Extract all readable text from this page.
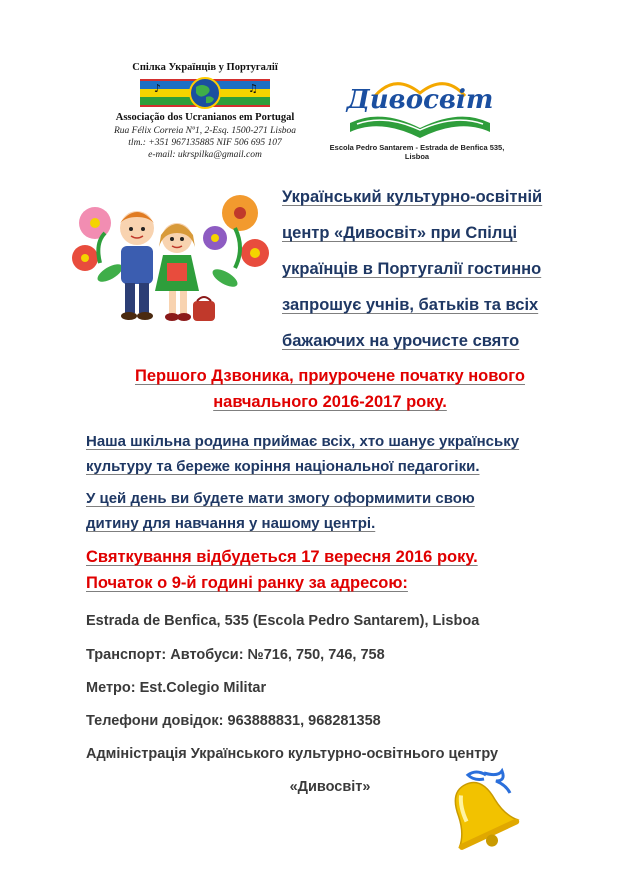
Спілка Українців у Португалії
♪	♫
Associação dos Ucranianos em Portugal
Rua Félix Correia Nº1, 2-Esq. 1500-271 Lisboa
tlm.: +351 967135885 NIF 506 695 107
e-mail: ukrspilka@gmail.com
Дивосвіт
Escola Pedro Santarem - Estrada de Benfica 535, Lisboa
Український культурно-освітній
центр «Дивосвіт» при Спілці
українців в Португалії гостинно
запрошує учнів, батьків та всіх
бажаючих на урочисте свято
Першого Дзвоника, приурочене початку нового
навчального 2016-2017 року.
Наша шкільна родина приймає всіх, хто шанує українську
культуру та береже коріння національної педагогіки.
У цей день ви будете мати змогу оформимити свою
дитину для навчання у нашому центрі.
Святкування відбудеться 17 вересня 2016 року.
Початок о 9-й годині ранку за адресою:
Estrada de Benfica, 535 (Escola Pedro Santarem), Lisboa
Транспорт: Автобуси: №716, 750, 746, 758
Метро: Est.Colegio Militar
Телефони довідок: 963888831, 968281358
Адміністрація Українського культурно-освітнього центру
«Дивосвіт»
